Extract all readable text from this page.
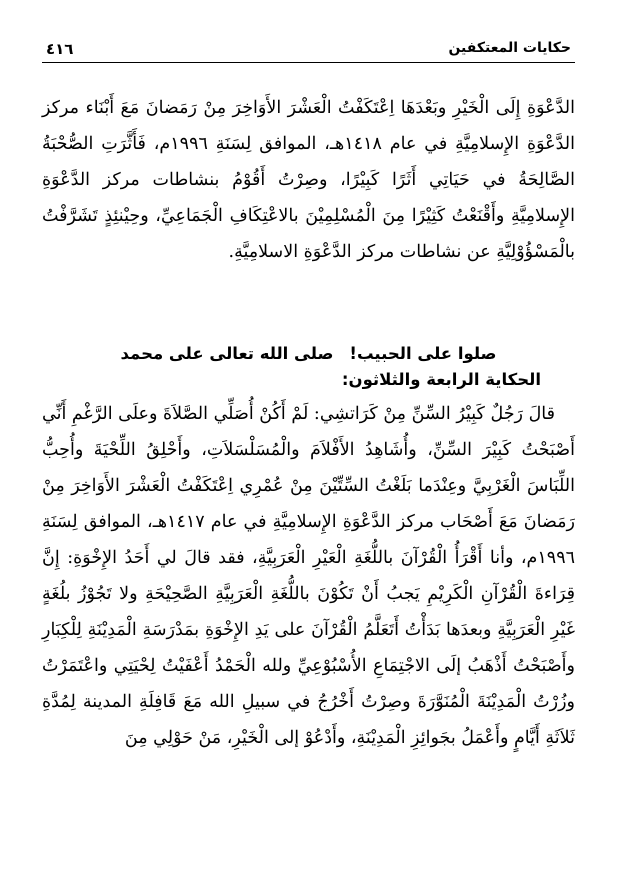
٤١٦	حكايات المعتكفين

الدَّعْوَةِ إِلَى الْخَيْرِ وبَعْدَهَا اِعْتَكَفْتُ الْعَشْرَ الأَوَاخِرَ مِنْ رَمَضانَ مَعَ أَبْنَاء مركز الدَّعْوَةِ الإِسلامِيَّةِ في عام ١٤١٨هـ، الموافق لِسَنَةِ ١٩٩٦م، فَأَثَّرَتِ الصُّحْبَةُ الصَّالِحَةُ في حَيَاتِي أَثَرًا كَبِيْرًا، وصِرْتُ أَقُوْمُ بنشاطات مركز الدَّعْوَةِ الإِسلامِيَّةِ وأَقْنَعْتُ كَثِيْرًا مِنَ الْمُسْلِمِيْنَ بالاعْتِكَافِ الْجَمَاعِيِّ، وحِيْنئِذٍ تَشَرَّفْتُ بالْمَسْؤُوْلِيَّةِ عن نشاطات مركز الدَّعْوَةِ الاسلامِيَّةِ.

صلوا على الحبيب!صلى الله تعالى على محمد
الحكاية الرابعة والثلاثون:

قالَ رَجُلٌ كَبِيْرُ السِّنِّ مِنْ كَرَاتشِي: لَمْ أَكُنْ أُصَلِّي الصَّلاَةَ وعلَى الرَّغْمِ أَنِّي أَصْبَحْتُ كَبِيْرَ السِّنِّ، وأُشَاهِدُ الأَفْلاَمَ والْمُسَلْسَلاَتِ، وأَحْلِقُ اللِّحْيَةَ وأُحِبُّ اللِّبَاسَ الْغَرْبِيَّ وعِنْدَما بَلَغْتُ السِّتِّيْنَ مِنْ عُمْرِي اِعْتَكَفْتُ الْعَشْرَ الأَوَاخِرَ مِنْ رَمَضانَ مَعَ أَصْحَاب مركز الدَّعْوَةِ الإِسلامِيَّةِ في عام ١٤١٧هـ، الموافق لِسَنَةِ ١٩٩٦م، وأنا أَقْرَأُ الْقُرْآنَ باللُّغَةِ الْعَيْرِ الْعَرَبِيَّةِ، فقد قالَ لي أَحَدُ الإِخْوَةِ: إِنَّ قِرَاءةَ الْقُرْآنِ الْكَرِيْمِ يَجبُ أَنْ تَكُوْنَ باللُّغَةِ الْعَرَبِيَّةِ الصَّحِيْحَةِ ولا تَجُوْزُ بلُغَةٍ غَيْرِ الْعَرَبِيَّةِ وبعدَها بَدَأْتُ أَتَعَلَّمُ الْقُرْآنَ على يَدِ الإِخْوَةِ بمَدْرَسَةِ الْمَدِيْنَةِ لِلْكِبَارِ وأَصْبَحْتُ أَذْهَبُ إلَى الاجْتِمَاعِ الأُسْبُوْعِيِّ ولله الْحَمْدُ أَعْفَيْتُ لِحْيَتِي واعْتَمَرْتُ وزُرْتُ الْمَدِيْنَةَ الْمُنَوَّرَةَ وصِرْتُ أَخْرُجُ في سبيلِ الله مَعَ قَافِلَةِ المدينة لِمُدَّةِ ثَلاَثَةِ أَيَّامٍ وأَعْمَلُ بجَوائِزِ الْمَدِيْنَةِ، وأَدْعُوْ إلى الْخَيْرِ، مَنْ حَوْلِي مِنَ
